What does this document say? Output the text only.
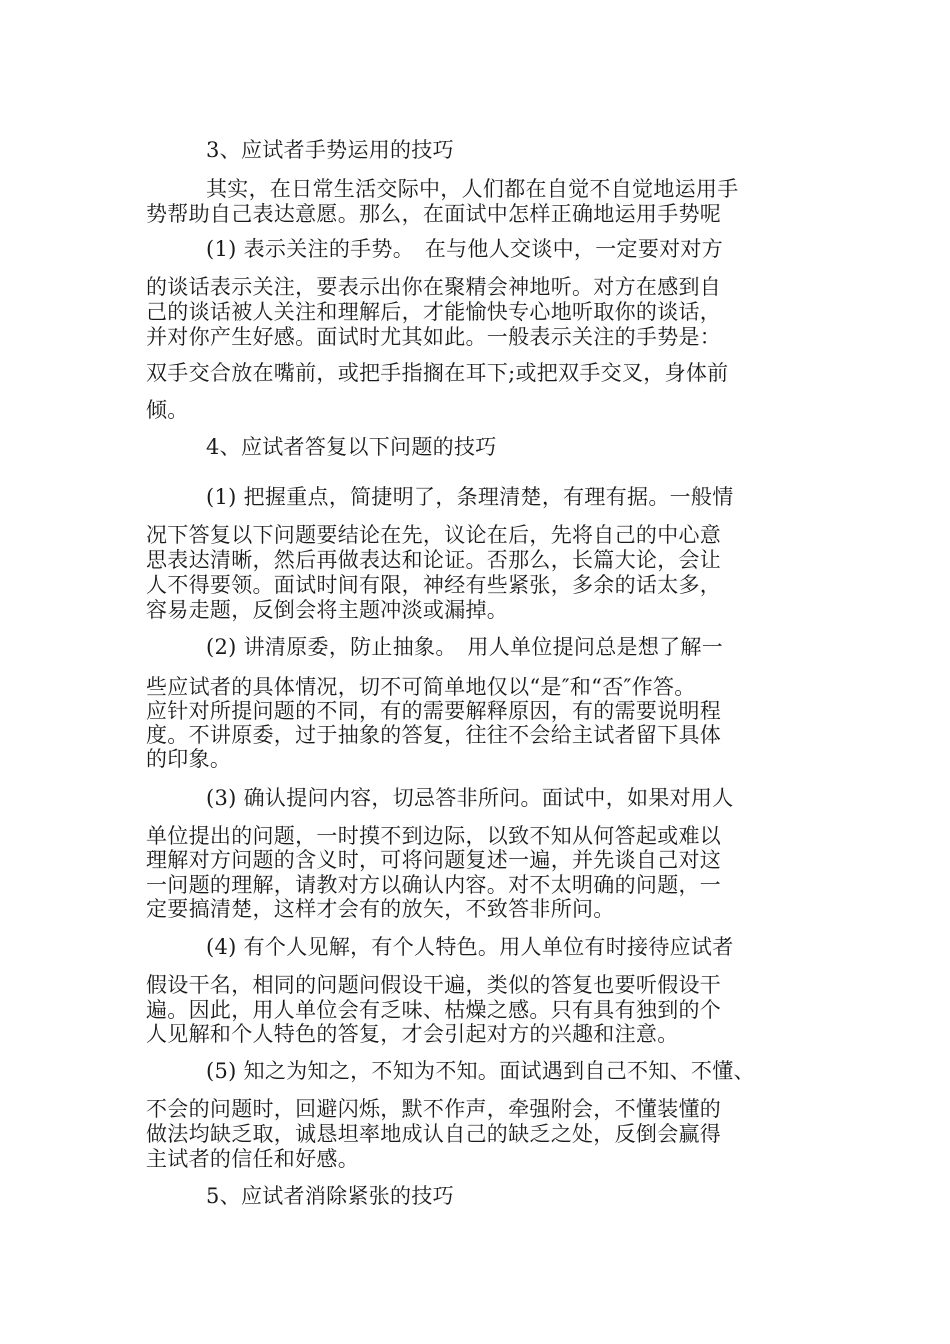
3、应试者手势运用的技巧
其实，在日常生活交际中，人们都在自觉不自觉地运用手
势帮助自己表达意愿。那么，在面试中怎样正确地运用手势呢
(1) 表示关注的手势。　在与他人交谈中，一定要对对方
的谈话表示关注，要表示出你在聚精会神地听。对方在感到自
己的谈话被人关注和理解后，才能愉快专心地听取你的谈话，
并对你产生好感。面试时尤其如此。一般表示关注的手势是：
双手交合放在嘴前，或把手指搁在耳下;或把双手交叉，身体前
倾。
4、应试者答复以下问题的技巧
(1) 把握重点，简捷明了，条理清楚，有理有据。一般情
况下答复以下问题要结论在先，议论在后，先将自己的中心意
思表达清晰，然后再做表达和论证。否那么，长篇大论，会让
人不得要领。面试时间有限，神经有些紧张，多余的话太多，
容易走题，反倒会将主题冲淡或漏掉。
(2) 讲清原委，防止抽象。　用人单位提问总是想了解一
些应试者的具体情况，切不可简单地仅以“是″和“否″作答。
应针对所提问题的不同，有的需要解释原因，有的需要说明程
度。不讲原委，过于抽象的答复，往往不会给主试者留下具体
的印象。
(3) 确认提问内容，切忌答非所问。面试中，如果对用人
单位提出的问题，一时摸不到边际，以致不知从何答起或难以
理解对方问题的含义时，可将问题复述一遍，并先谈自己对这
一问题的理解，请教对方以确认内容。对不太明确的问题，一
定要搞清楚，这样才会有的放矢，不致答非所问。
(4) 有个人见解，有个人特色。用人单位有时接待应试者
假设干名，相同的问题问假设干遍，类似的答复也要听假设干
遍。因此，用人单位会有乏味、枯燥之感。只有具有独到的个
人见解和个人特色的答复，才会引起对方的兴趣和注意。
(5) 知之为知之，不知为不知。面试遇到自己不知、不懂、
不会的问题时，回避闪烁，默不作声，牵强附会，不懂装懂的
做法均缺乏取，诚恳坦率地成认自己的缺乏之处，反倒会赢得
主试者的信任和好感。
5、应试者消除紧张的技巧
